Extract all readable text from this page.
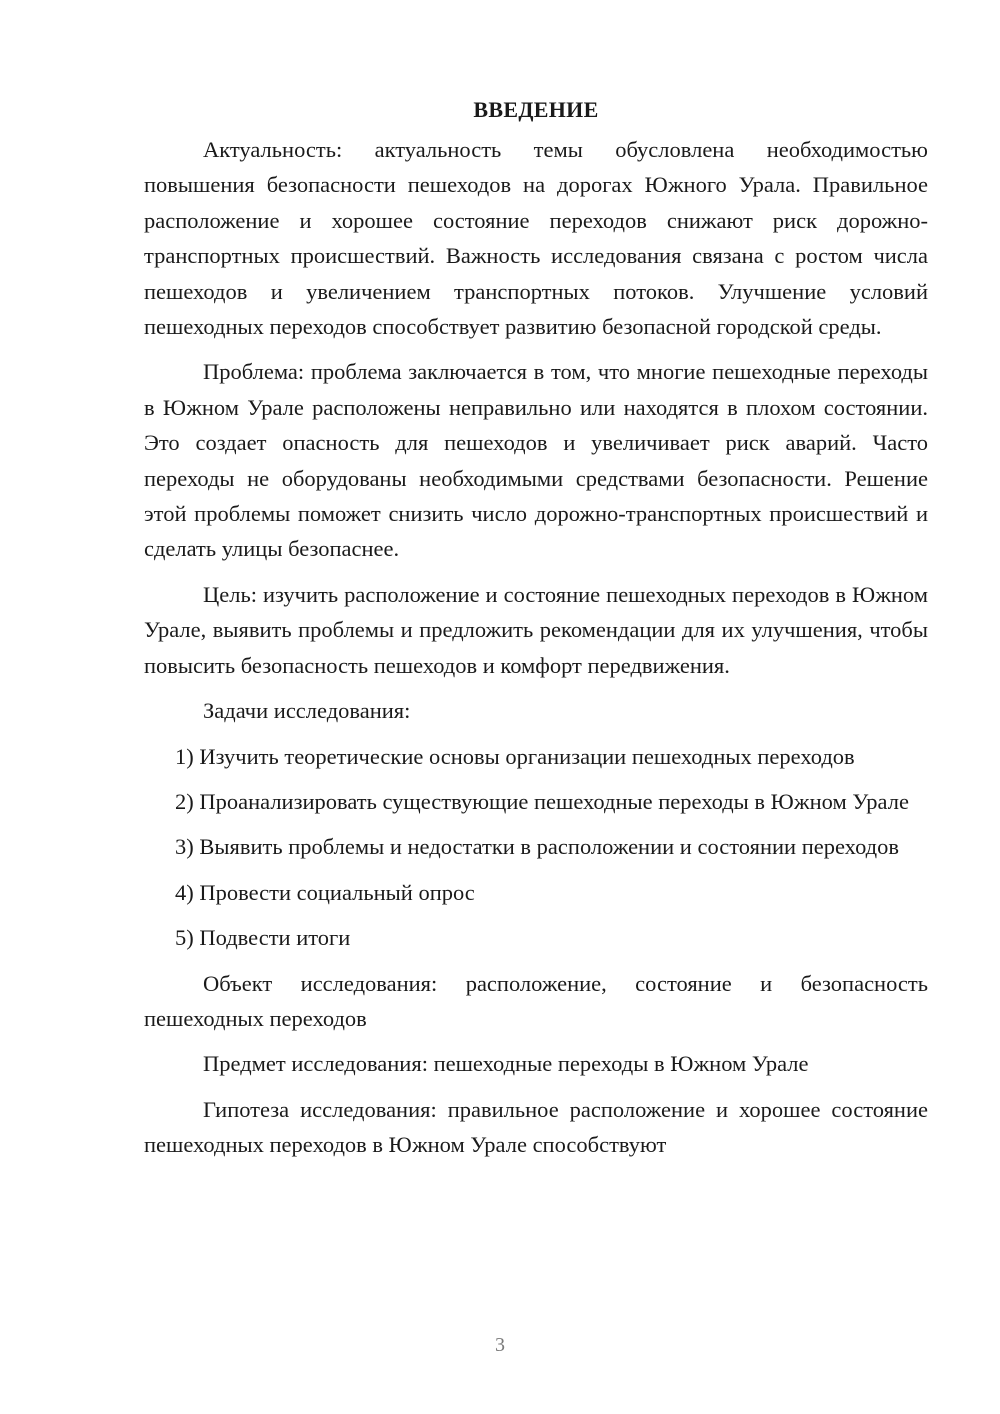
ВВЕДЕНИЕ

Актуальность: актуальность темы обусловлена необходимостью повышения безопасности пешеходов на дорогах Южного Урала. Правильное расположение и хорошее состояние переходов снижают риск дорожно-транспортных происшествий. Важность исследования связана с ростом числа пешеходов и увеличением транспортных потоков. Улучшение условий пешеходных переходов способствует развитию безопасной городской среды.

Проблема: проблема заключается в том, что многие пешеходные переходы в Южном Урале расположены неправильно или находятся в плохом состоянии. Это создает опасность для пешеходов и увеличивает риск аварий. Часто переходы не оборудованы необходимыми средствами безопасности. Решение этой проблемы поможет снизить число дорожно-транспортных происшествий и сделать улицы безопаснее.

Цель: изучить расположение и состояние пешеходных переходов в Южном Урале, выявить проблемы и предложить рекомендации для их улучшения, чтобы повысить безопасность пешеходов и комфорт передвижения.

Задачи исследования:

1) Изучить теоретические основы организации пешеходных переходов

2) Проанализировать существующие пешеходные переходы в Южном Урале

3) Выявить проблемы и недостатки в расположении и состоянии переходов

4) Провести социальный опрос

5) Подвести итоги

Объект исследования: расположение, состояние и безопасность пешеходных переходов

Предмет исследования: пешеходные переходы в Южном Урале

Гипотеза исследования: правильное расположение и хорошее состояние пешеходных переходов в Южном Урале способствуют

3
